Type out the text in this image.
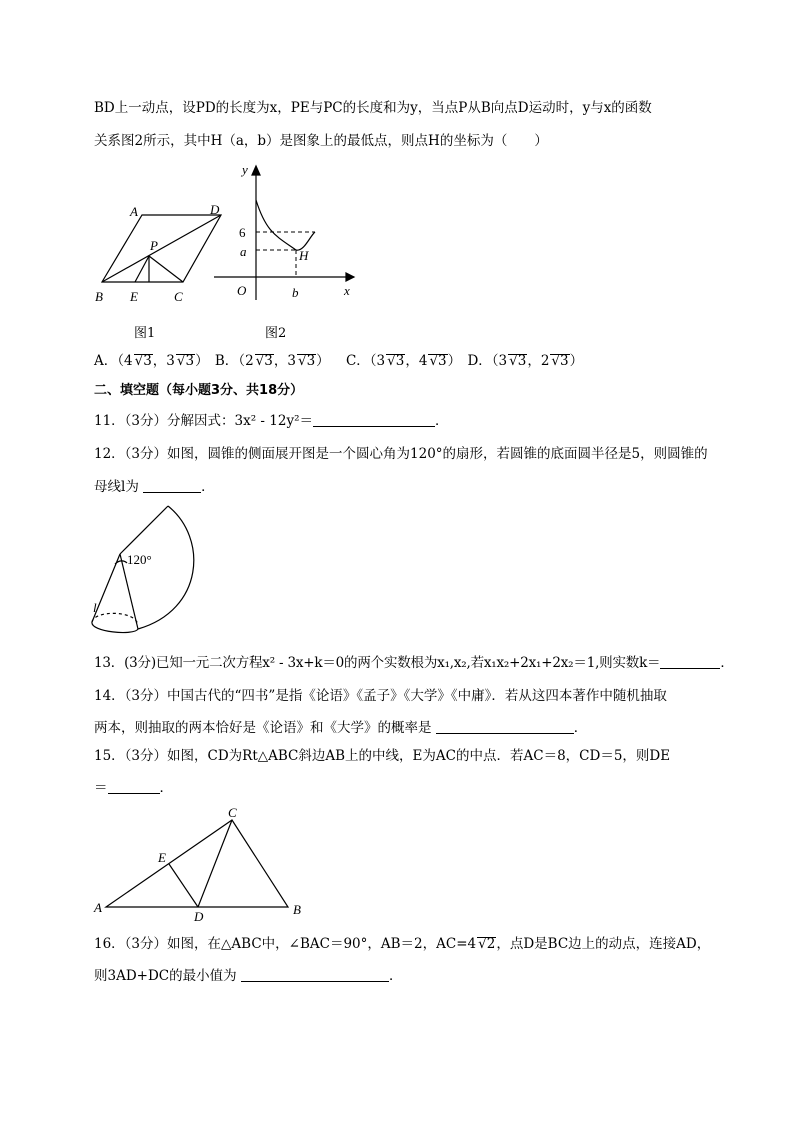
BD上一动点，设PD的长度为x，PE与PC的长度和为y，当点P从B向点D运动时，y与x的函数
关系图2所示，其中H（a，b）是图象上的最低点，则点H的坐标为（　　）
A	D
P
B E	C
y
6
a	H
O	b	x
图1	图2
A．（4 √3，3 √3） B．（2 √3，3 √3） C．（3 √3，4 √3） D．（3 √3，2 √3）
二、填空题（每小题3分、共18分）
11．（3分）分解因式：3x² - 12y²＝	．
12．（3分）如图，圆锥的侧面展开图是一个圆心角为120°的扇形，若圆锥的底面圆半径是5，则圆锥的
母线l为	．
120°
l
13．(3分)已知一元二次方程x² - 3x+k＝0的两个实数根为x₁,x₂,若x₁x₂+2x₁+2x₂＝1,则实数k＝	．
14．（3分）中国古代的“四书”是指《论语》《孟子》《大学》《中庸》．若从这四本著作中随机抽取
两本，则抽取的两本恰好是《论语》和《大学》的概率是	．
15．（3分）如图，CD为Rt△ABC斜边AB上的中线，E为AC的中点．若AC＝8，CD＝5，则DE
＝	．
C
E
A
D	B
16．（3分）如图，在△ABC中，∠BAC＝90°，AB＝2，AC=4 √2，点D是BC边上的动点，连接AD，
则3AD+DC的最小值为	．
